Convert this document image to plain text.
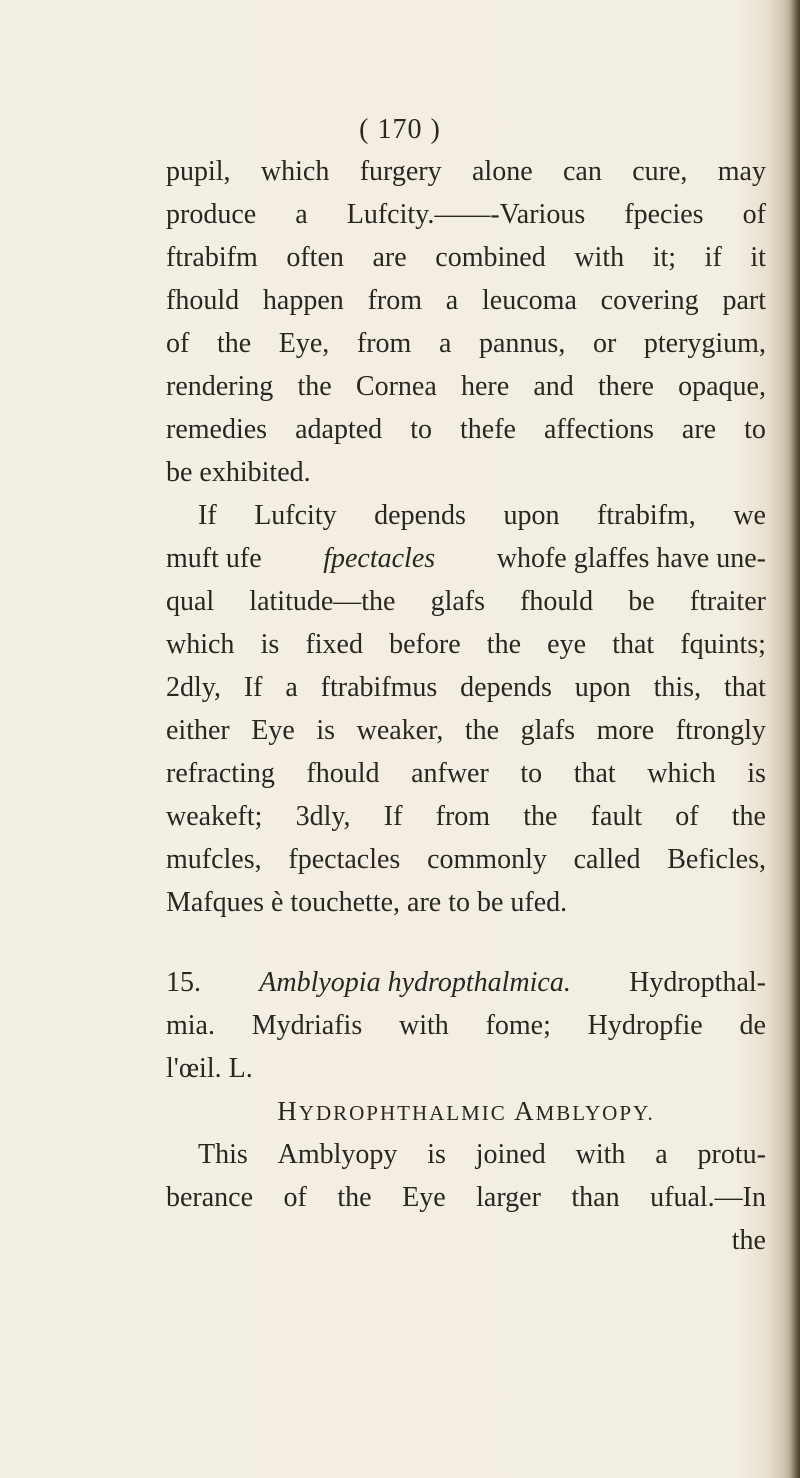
( 170 )
pupil, which furgery alone can cure, may
produce a Lufcity.——-Various fpecies of
ftrabifm often are combined with it; if it
fhould happen from a leucoma covering part
of the Eye, from a pannus, or pterygium,
rendering the Cornea here and there opaque,
remedies adapted to thefe affections are to
be exhibited.
If Lufcity depends upon ftrabifm, we
muft ufe fpectacles whofe glaffes have une-
qual latitude—the glafs fhould be ftraiter
which is fixed before the eye that fquints;
2dly, If a ftrabifmus depends upon this, that
either Eye is weaker, the glafs more ftrongly
refracting fhould anfwer to that which is
weakeft; 3dly, If from the fault of the
mufcles, fpectacles commonly called Beficles,
Mafques è touchette, are to be ufed.
15. Amblyopia hydropthalmica. Hydropthal-
mia. Mydriafis with fome; Hydropfie de
l'œil. L.
HYDROPHTHALMIC AMBLYOPY.
This Amblyopy is joined with a protu-
berance of the Eye larger than ufual.—In
the
